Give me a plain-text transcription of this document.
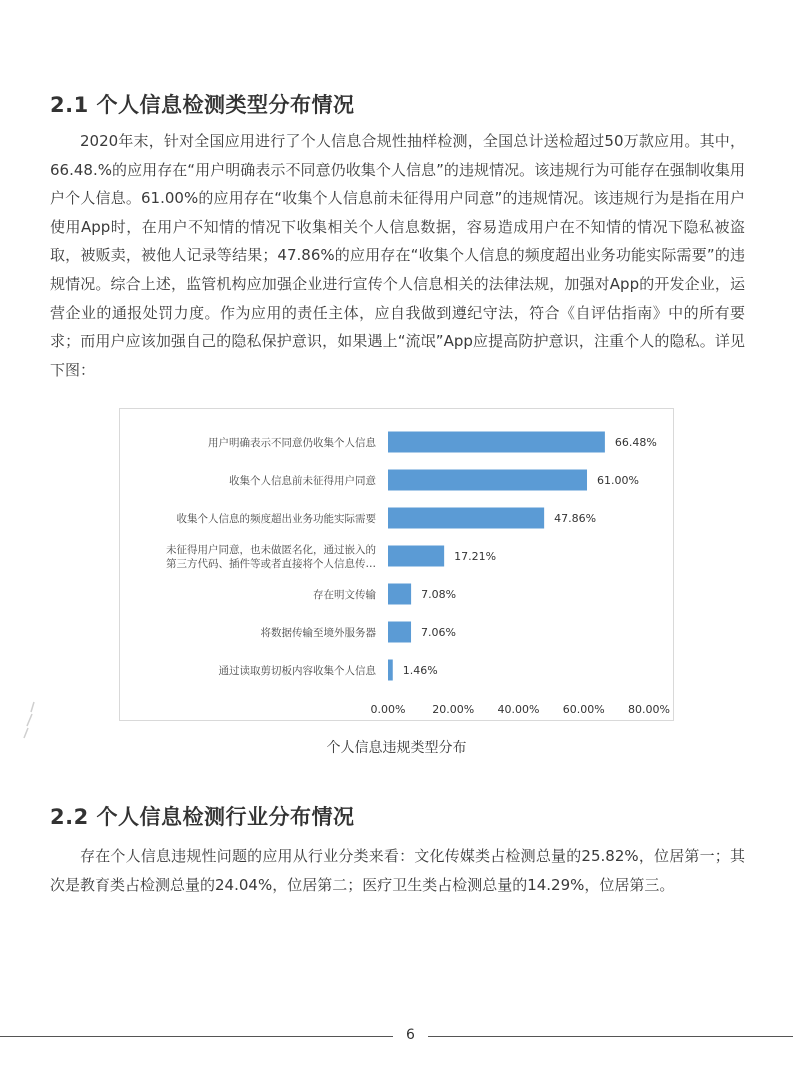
2.1 个人信息检测类型分布情况

2020年末，针对全国应用进行了个人信息合规性抽样检测，全国总计送检超过50万款应用。其中，66.48.%的应用存在“用户明确表示不同意仍收集个人信息”的违规情况。该违规行为可能存在强制收集用户个人信息。61.00%的应用存在“收集个人信息前未征得用户同意”的违规情况。该违规行为是指在用户使用App时，在用户不知情的情况下收集相关个人信息数据，容易造成用户在不知情的情况下隐私被盗取，被贩卖，被他人记录等结果；47.86%的应用存在“收集个人信息的频度超出业务功能实际需要”的违规情况。综合上述，监管机构应加强企业进行宣传个人信息相关的法律法规，加强对App的开发企业，运营企业的通报处罚力度。作为应用的责任主体，应自我做到遵纪守法，符合《自评估指南》中的所有要求；而用户应该加强自己的隐私保护意识，如果遇上“流氓”App应提高防护意识，注重个人的隐私。详见下图：

66.48%
用户明确表示不同意仍收集个人信息
61.00%
收集个人信息前未征得用户同意
47.86%
收集个人信息的频度超出业务功能实际需要
17.21%
未征得用户同意，也未做匿名化，通过嵌入的
第三方代码、插件等或者直接将个人信息传…
7.08%
存在明文传输
7.06%
将数据传输至境外服务器
1.46%
通过读取剪切板内容收集个人信息
0.00% 20.00% 40.00% 60.00% 80.00%

个人信息违规类型分布

2.2 个人信息检测行业分布情况

存在个人信息违规性问题的应用从行业分类来看：文化传媒类占检测总量的25.82%，位居第一；其次是教育类占检测总量的24.04%，位居第二；医疗卫生类占检测总量的14.29%，位居第三。

6
